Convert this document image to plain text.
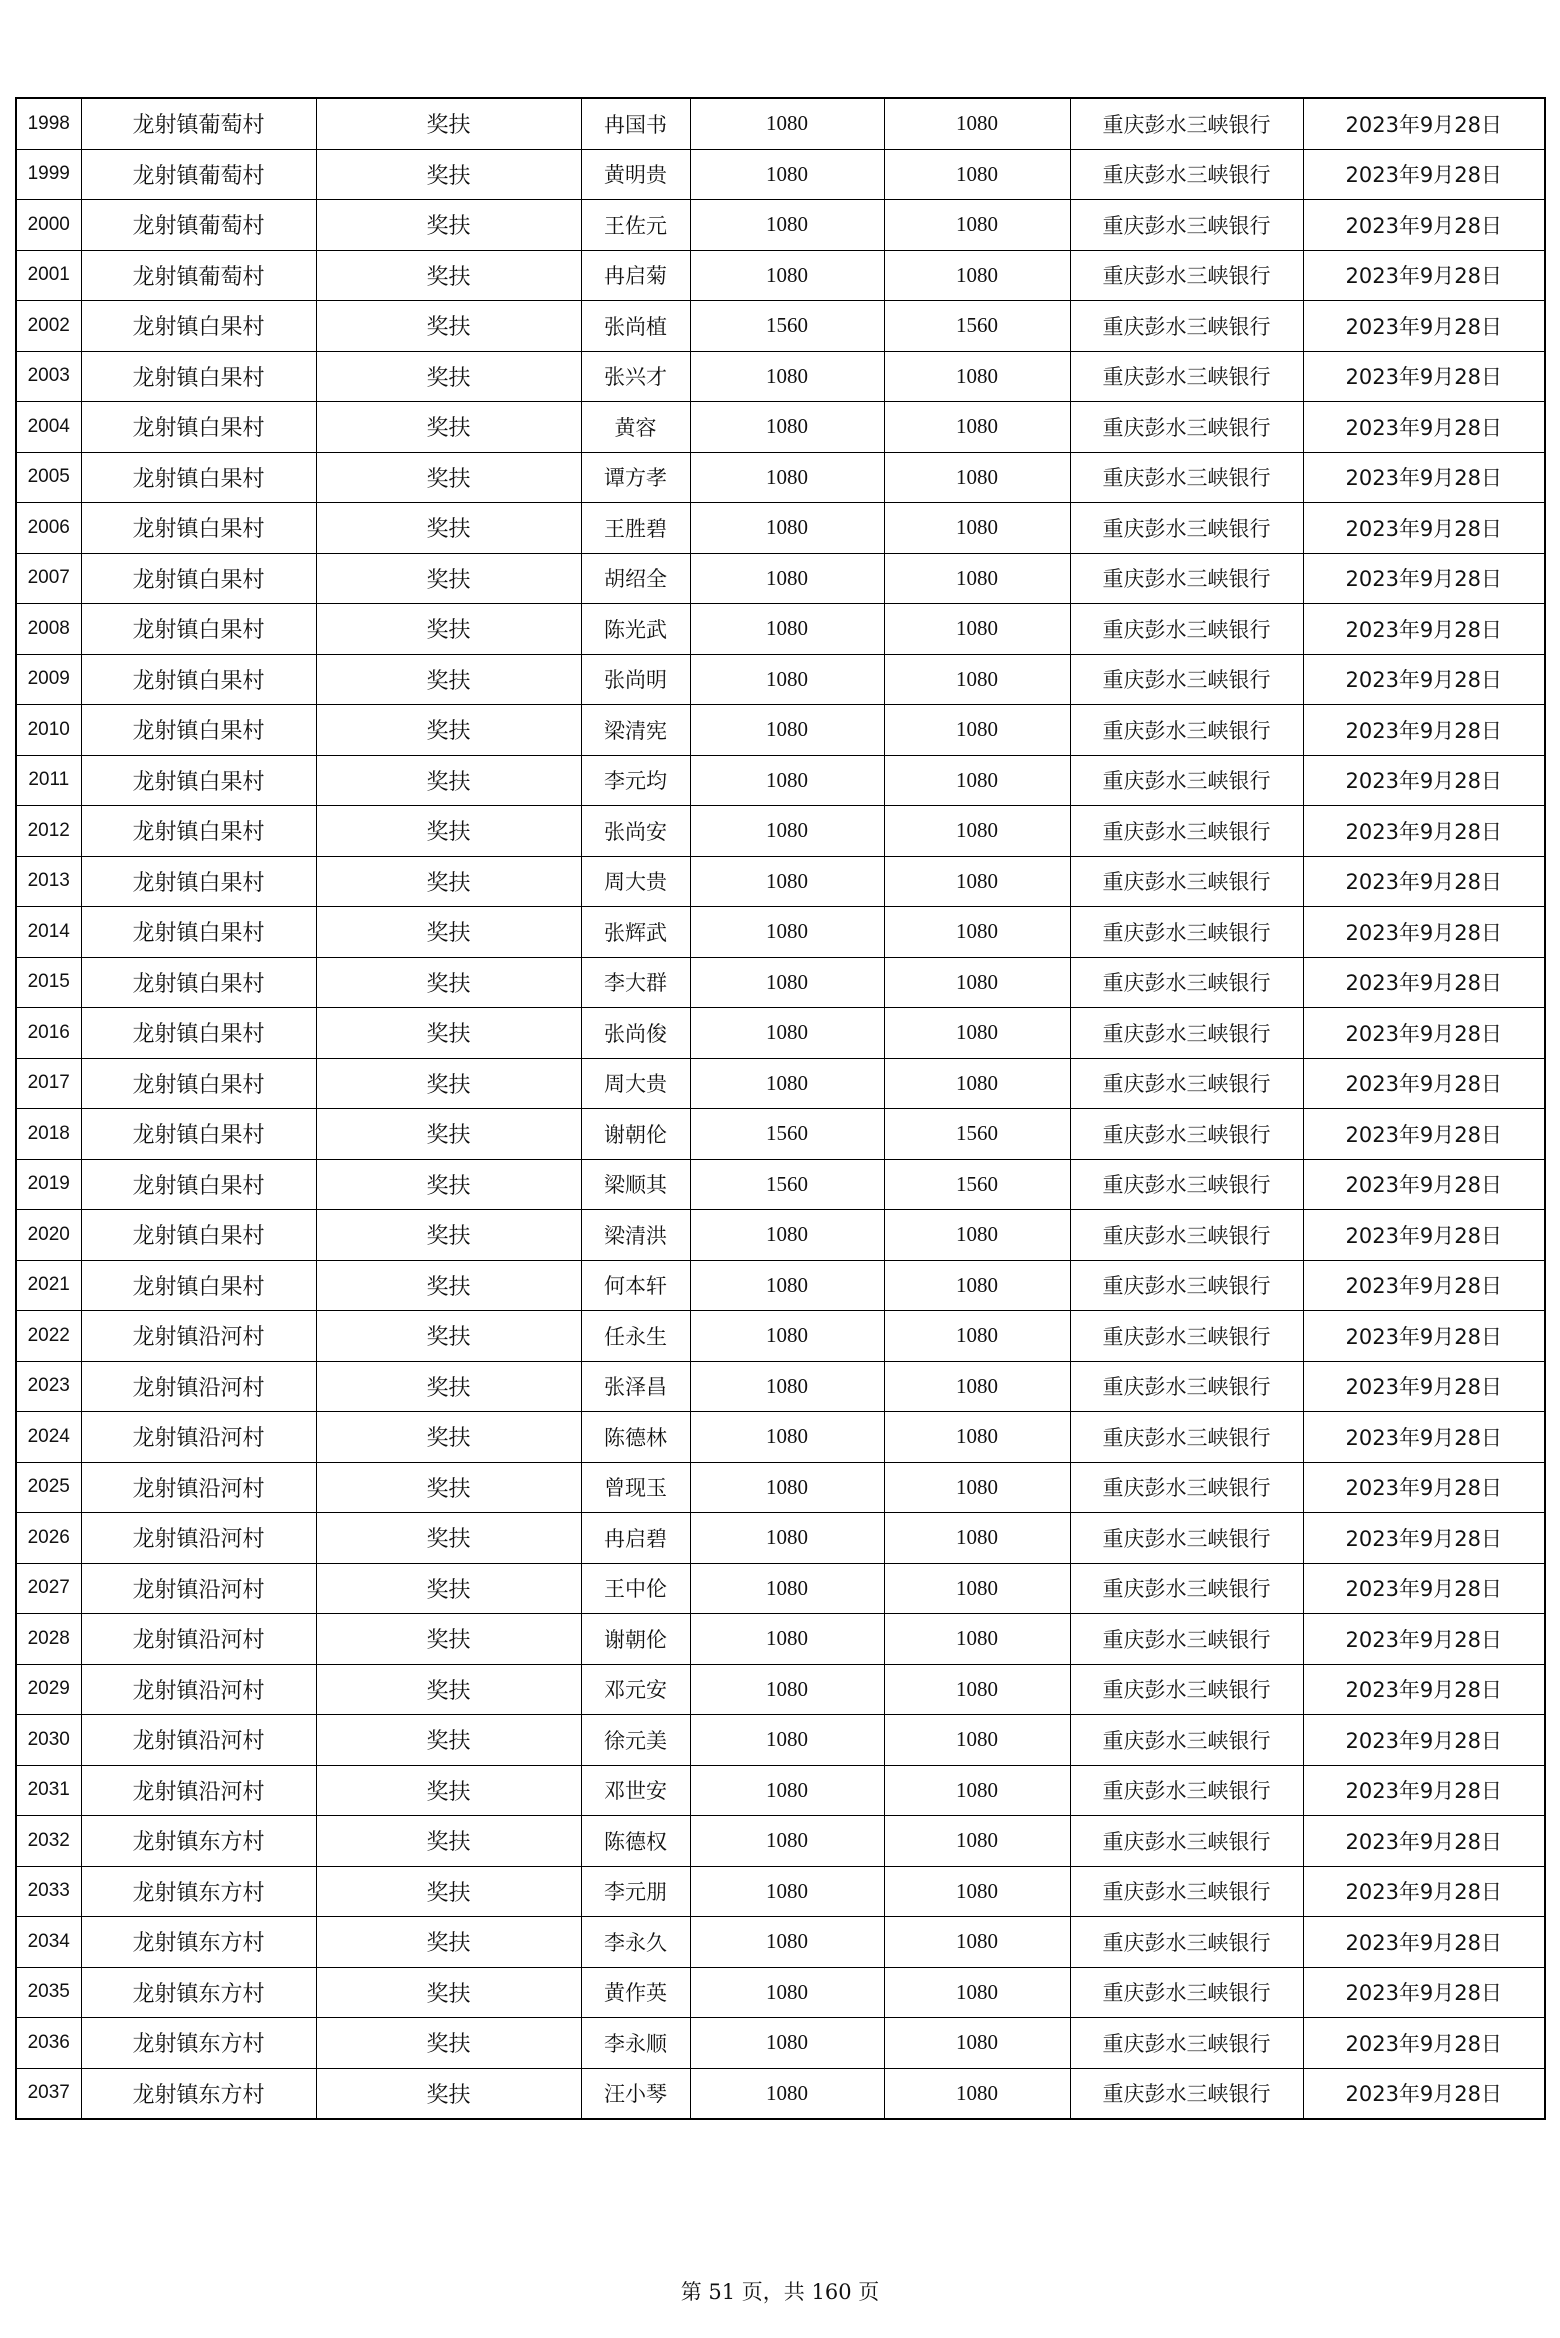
1998	龙射镇葡萄村	奖扶	冉国书	1080	1080	重庆彭水三峡银行	2023年9月28日
1999	龙射镇葡萄村	奖扶	黄明贵	1080	1080	重庆彭水三峡银行	2023年9月28日
2000	龙射镇葡萄村	奖扶	王佐元	1080	1080	重庆彭水三峡银行	2023年9月28日
2001	龙射镇葡萄村	奖扶	冉启菊	1080	1080	重庆彭水三峡银行	2023年9月28日
2002	龙射镇白果村	奖扶	张尚植	1560	1560	重庆彭水三峡银行	2023年9月28日
2003	龙射镇白果村	奖扶	张兴才	1080	1080	重庆彭水三峡银行	2023年9月28日
2004	龙射镇白果村	奖扶	黄容	1080	1080	重庆彭水三峡银行	2023年9月28日
2005	龙射镇白果村	奖扶	谭方孝	1080	1080	重庆彭水三峡银行	2023年9月28日
2006	龙射镇白果村	奖扶	王胜碧	1080	1080	重庆彭水三峡银行	2023年9月28日
2007	龙射镇白果村	奖扶	胡绍全	1080	1080	重庆彭水三峡银行	2023年9月28日
2008	龙射镇白果村	奖扶	陈光武	1080	1080	重庆彭水三峡银行	2023年9月28日
2009	龙射镇白果村	奖扶	张尚明	1080	1080	重庆彭水三峡银行	2023年9月28日
2010	龙射镇白果村	奖扶	梁清宪	1080	1080	重庆彭水三峡银行	2023年9月28日
2011	龙射镇白果村	奖扶	李元均	1080	1080	重庆彭水三峡银行	2023年9月28日
2012	龙射镇白果村	奖扶	张尚安	1080	1080	重庆彭水三峡银行	2023年9月28日
2013	龙射镇白果村	奖扶	周大贵	1080	1080	重庆彭水三峡银行	2023年9月28日
2014	龙射镇白果村	奖扶	张辉武	1080	1080	重庆彭水三峡银行	2023年9月28日
2015	龙射镇白果村	奖扶	李大群	1080	1080	重庆彭水三峡银行	2023年9月28日
2016	龙射镇白果村	奖扶	张尚俊	1080	1080	重庆彭水三峡银行	2023年9月28日
2017	龙射镇白果村	奖扶	周大贵	1080	1080	重庆彭水三峡银行	2023年9月28日
2018	龙射镇白果村	奖扶	谢朝伦	1560	1560	重庆彭水三峡银行	2023年9月28日
2019	龙射镇白果村	奖扶	梁顺其	1560	1560	重庆彭水三峡银行	2023年9月28日
2020	龙射镇白果村	奖扶	梁清洪	1080	1080	重庆彭水三峡银行	2023年9月28日
2021	龙射镇白果村	奖扶	何本轩	1080	1080	重庆彭水三峡银行	2023年9月28日
2022	龙射镇沿河村	奖扶	任永生	1080	1080	重庆彭水三峡银行	2023年9月28日
2023	龙射镇沿河村	奖扶	张泽昌	1080	1080	重庆彭水三峡银行	2023年9月28日
2024	龙射镇沿河村	奖扶	陈德林	1080	1080	重庆彭水三峡银行	2023年9月28日
2025	龙射镇沿河村	奖扶	曾现玉	1080	1080	重庆彭水三峡银行	2023年9月28日
2026	龙射镇沿河村	奖扶	冉启碧	1080	1080	重庆彭水三峡银行	2023年9月28日
2027	龙射镇沿河村	奖扶	王中伦	1080	1080	重庆彭水三峡银行	2023年9月28日
2028	龙射镇沿河村	奖扶	谢朝伦	1080	1080	重庆彭水三峡银行	2023年9月28日
2029	龙射镇沿河村	奖扶	邓元安	1080	1080	重庆彭水三峡银行	2023年9月28日
2030	龙射镇沿河村	奖扶	徐元美	1080	1080	重庆彭水三峡银行	2023年9月28日
2031	龙射镇沿河村	奖扶	邓世安	1080	1080	重庆彭水三峡银行	2023年9月28日
2032	龙射镇东方村	奖扶	陈德权	1080	1080	重庆彭水三峡银行	2023年9月28日
2033	龙射镇东方村	奖扶	李元朋	1080	1080	重庆彭水三峡银行	2023年9月28日
2034	龙射镇东方村	奖扶	李永久	1080	1080	重庆彭水三峡银行	2023年9月28日
2035	龙射镇东方村	奖扶	黄作英	1080	1080	重庆彭水三峡银行	2023年9月28日
2036	龙射镇东方村	奖扶	李永顺	1080	1080	重庆彭水三峡银行	2023年9月28日
2037	龙射镇东方村	奖扶	汪小琴	1080	1080	重庆彭水三峡银行	2023年9月28日
第 51 页，共 160 页
